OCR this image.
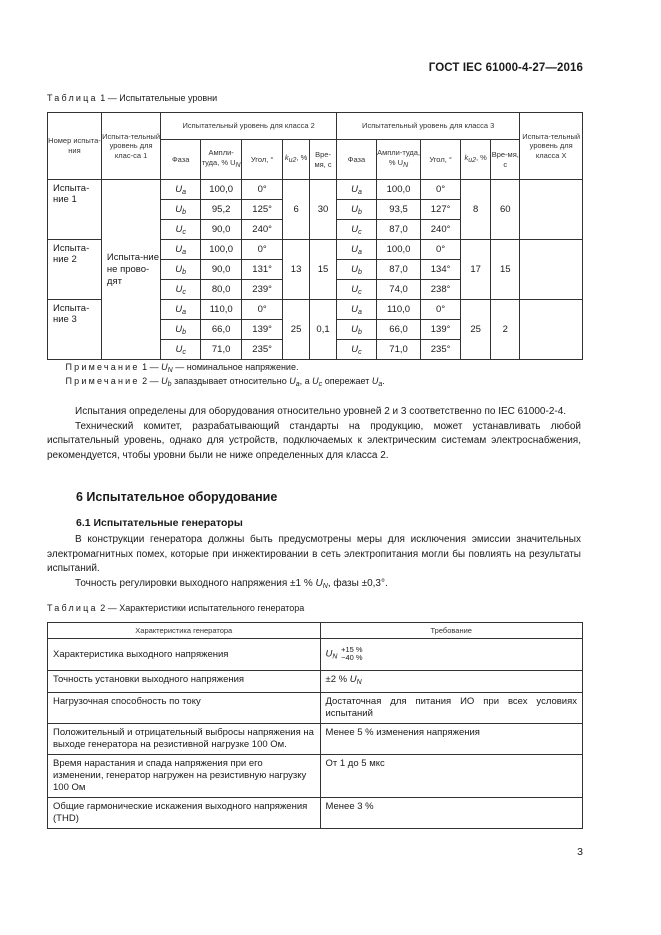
ГОСТ IEC 61000-4-27—2016
Таблица 1 — Испытательные уровни
Номер испыта-ния	Испыта-тельный уровень для клас-са 1	Испытательный уровень для класса 2					Испытательный уровень для класса 3					Испыта-тельный уровень для класса X
		Фаза	Ампли-туда, % $U_N$	Угол, °	$k_{u2}$, %	Вре-мя, c	Фаза	Ампли-туда, % $U_N$	Угол, °	$k_{u2}$, %	Вре-мя, c	
Испыта-ние 1	Испыта-ние не прово-дят	$U_a$	100,0	0°	6	30	$U_a$	100,0	0°	8	60	
		$U_b$	95,2	125°			$U_b$	93,5	127°			
		$U_c$	90,0	240°			$U_c$	87,0	240°			
Испыта-ние 2		$U_a$	100,0	0°	13	15	$U_a$	100,0	0°	17	15	
		$U_b$	90,0	131°			$U_b$	87,0	134°			
		$U_c$	80,0	239°			$U_c$	74,0	238°			
Испыта-ние 3		$U_a$	110,0	0°	25	0,1	$U_a$	110,0	0°	25	2	
		$U_b$	66,0	139°			$U_b$	66,0	139°			
		$U_c$	71,0	235°			$U_c$	71,0	235°			

Примечание 1 — $U_N$ — номинальное напряжение.
Примечание 2 — $U_b$ запаздывает относительно $U_a$, а $U_c$ опережает $U_a$.												

Испытания определены для оборудования относительно уровней 2 и 3 соответственно по IEC 61000-2-4.

Технический комитет, разрабатывающий стандарты на продукцию, может устанавливать любой испытательный уровень, однако для устройств, подключаемых к электрическим системам электроснабжения, рекомендуется, чтобы уровни были не ниже определенных для класса 2.

6 Испытательное оборудование
6.1 Испытательные генераторы

В конструкции генератора должны быть предусмотрены меры для исключения эмиссии значительных электромагнитных помех, которые при инжектировании в сеть электропитания могли бы повлиять на результаты испытаний.

Точность регулировки выходного напряжения ±1 % $U_N$, фазы ±0,3°.

Таблица 2 — Характеристики испытательного генератора
Характеристика генератора	Требование
Характеристика выходного напряжения	$U_N$
+15 %
−40 %

Точность установки выходного напряжения	±2 % $U_N$
Нагрузочная способность по току	Достаточная для питания ИО при всех условиях испытаний
Положительный и отрицательный выбросы напряжения на выходе генератора на резистивной нагрузке 100 Ом.	Менее 5 % изменения напряжения
Время нарастания и спада напряжения при его изменении, генератор нагружен на резистивную нагрузку 100 Ом	От 1 до 5 мкс
Общие гармонические искажения выходного напряжения (THD)	Менее 3 %
3
